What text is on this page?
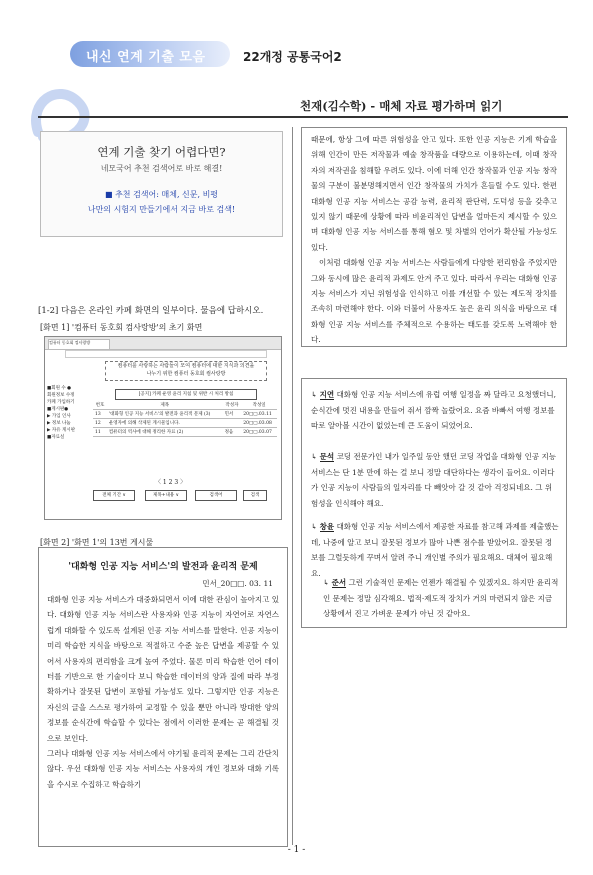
내신 연계 기출 모음	22개정 공통국어2
천재(김수학) - 매체 자료 평가하며 읽기
연계 기출 찾기 어렵다면?
네모국어 추천 검색어로 바로 해결!
■ 추천 검색어: 매체, 신문, 비평
나만의 시험지 만들기에서 지금 바로 검색!
[1-2] 다음은 온라인 카페 화면의 일부이다. 물음에 답하시오.
[화면 1] '컴퓨터 동호회 컴사랑방'의 초기 화면
컴퓨터 동호회 컴사랑방
컴퓨터를 사랑하는 사람들이 모여 컴퓨터에 대한 지식과 의견을
나누기 위한 컴퓨터 동호회 컴사랑방
■회원 수 ●
회원정보 수정
카페 가입하기
■게시판●
▶ 가입 인사
▶ 정보 나눔
▶ 자유 게시판
■자료실
[공지] 카페 운영 윤리 지침 및 위반 시 처리 방침
번호	제목	작성자	작성일
13	'대화형 인공 지능 서비스'의 발전과 윤리적 문제 (3)	민서	20□□.03.11
12	운영자에 의해 삭제된 게시물입니다.		20□□.03.08
11	컴퓨터의 역사에 대해 정리한 자료 (2)	정음	20□□.03.07
〈 1 2 3 〉
전체 기간 ∨	제목+내용 ∨	검색어	검색
[화면 2] '화면 1'의 13번 게시물
'대화형 인공 지능 서비스'의 발전과 윤리적 문제
민서_20□□. 03. 11

대화형 인공 지능 서비스가 대중화되면서 이에 대한 관심이 높아지고 있다. 대화형 인공 지능 서비스란 사용자와 인공 지능이 자연어로 자연스럽게 대화할 수 있도록 설계된 인공 지능 서비스를 말한다. 인공 지능이 미리 학습한 지식을 바탕으로 적절하고 수준 높은 답변을 제공할 수 있어서 사용자의 편리함을 크게 높여 주었다. 물론 미리 학습한 언어 데이터를 기반으로 한 기술이다 보니 학습한 데이터의 양과 질에 따라 부정확하거나 잘못된 답변이 포함될 가능성도 있다. 그렇지만 인공 지능은 자신의 글을 스스로 평가하여 교정할 수 있을 뿐만 아니라 방대한 양의 정보를 순식간에 학습할 수 있다는 점에서 이러한 문제는 곧 해결될 것으로 보인다.

그러나 대화형 인공 지능 서비스에서 야기될 윤리적 문제는 그리 간단치 않다. 우선 대화형 인공 지능 서비스는 사용자의 개인 정보와 대화 기록을 수시로 수집하고 학습하기

때문에, 항상 그에 따른 위험성을 안고 있다. 또한 인공 지능은 기계 학습을 위해 인간이 만든 저작물과 예술 창작품을 대량으로 이용하는데, 이때 창작자의 저작권을 침해할 우려도 있다. 이에 더해 인간 창작물과 인공 지능 창작물의 구분이 불분명해지면서 인간 창작물의 가치가 흔들릴 수도 있다. 한편 대화형 인공 지능 서비스는 공감 능력, 윤리적 판단력, 도덕성 등을 갖추고 있지 않기 때문에 상황에 따라 비윤리적인 답변을 얼마든지 제시할 수 있으며 대화형 인공 지능 서비스를 통해 혐오 및 차별의 언어가 확산될 가능성도 있다.

이처럼 대화형 인공 지능 서비스는 사람들에게 다양한 편리함을 주었지만 그와 동시에 많은 윤리적 과제도 안겨 주고 있다. 따라서 우리는 대화형 인공 지능 서비스가 지닌 위험성을 인식하고 이를 개선할 수 있는 제도적 장치를 조속히 마련해야 한다. 이와 더불어 사용자도 높은 윤리 의식을 바탕으로 대화형 인공 지능 서비스를 주체적으로 수용하는 태도를 갖도록 노력해야 한다.

↳ 지연 대화형 인공 지능 서비스에 유럽 여행 일정을 짜 달라고 요청했더니, 순식간에 멋진 내용을 만들어 줘서 깜짝 놀랐어요. 요즘 바빠서 여행 정보를 따로 알아볼 시간이 없었는데 큰 도움이 되었어요.
↳ 문석 코딩 전문가인 내가 일주일 동안 했던 코딩 작업을 대화형 인공 지능 서비스는 단 1분 만에 하는 걸 보니 정말 대단하다는 생각이 들어요. 이러다가 인공 지능이 사람들의 일자리를 다 빼앗아 갈 것 같아 걱정되네요. 그 위험성을 인식해야 해요.
↳ 창윤 대화형 인공 지능 서비스에서 제공한 자료를 참고해 과제를 제출했는데, 나중에 알고 보니 잘못된 정보가 많아 나쁜 점수를 받았어요. 잘못된 정보를 그럴듯하게 꾸며서 알려 주니 개인별 주의가 필요해요. 대체어 필요해요.
↳ 준서 그런 기술적인 문제는 언젠가 해결될 수 있겠지요. 하지만 윤리적인 문제는 정말 심각해요. 법적·제도적 장치가 거의 마련되지 않은 지금 상황에서 진고 가벼운 문제가 아닌 것 같아요.
- 1 -
